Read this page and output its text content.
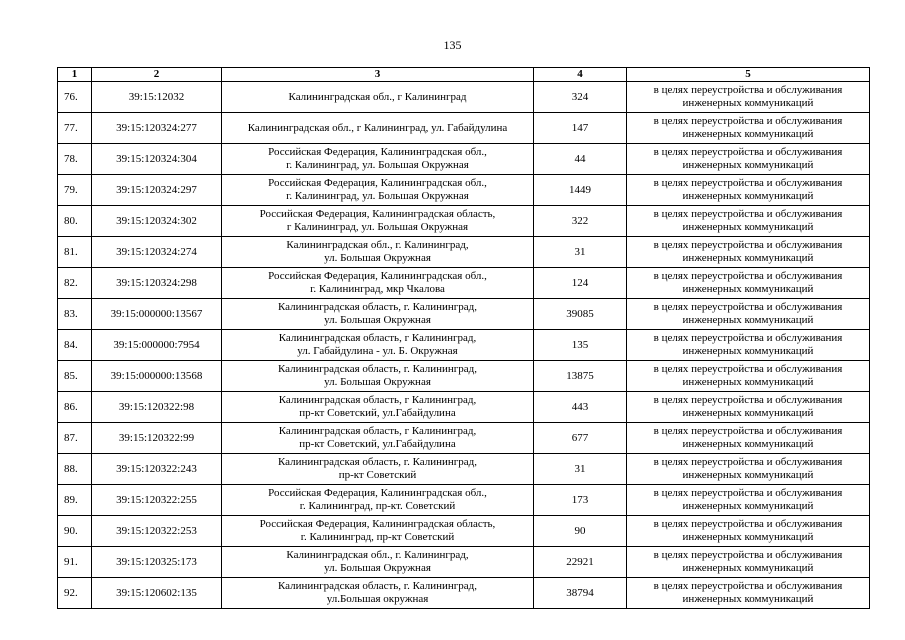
135
1	2	3	4	5

76.	39:15:12032	Калининградская обл., г Калининград	324	в целях переустройства и обслуживания
инженерных коммуникаций

77.	39:15:120324:277	Калининградская обл., г Калининград, ул. Габайдулина	147	в целях переустройства и обслуживания
инженерных коммуникаций

78.	39:15:120324:304	Российская Федерация, Калининградская обл.,
г. Калининград, ул. Большая Окружная	44	в целях переустройства и обслуживания
инженерных коммуникаций

79.	39:15:120324:297	Российская Федерация, Калининградская обл.,
г. Калининград, ул. Большая Окружная	1449	в целях переустройства и обслуживания
инженерных коммуникаций

80.	39:15:120324:302	Российская Федерация, Калининградская область,
г Калининград, ул. Большая Окружная	322	в целях переустройства и обслуживания
инженерных коммуникаций

81.	39:15:120324:274	Калининградская обл., г. Калининград,
ул. Большая Окружная	31	в целях переустройства и обслуживания
инженерных коммуникаций

82.	39:15:120324:298	Российская Федерация, Калининградская обл.,
г. Калининград, мкр Чкалова	124	в целях переустройства и обслуживания
инженерных коммуникаций

83.	39:15:000000:13567	Калининградская область, г. Калининград,
ул. Большая Окружная	39085	в целях переустройства и обслуживания
инженерных коммуникаций

84.	39:15:000000:7954	Калининградская область, г Калининград,
ул. Габайдулина - ул. Б. Окружная	135	в целях переустройства и обслуживания
инженерных коммуникаций

85.	39:15:000000:13568	Калининградская область, г. Калининград,
ул. Большая Окружная	13875	в целях переустройства и обслуживания
инженерных коммуникаций

86.	39:15:120322:98	Калининградская область, г Калининград,
пр-кт Советский, ул.Габайдулина	443	в целях переустройства и обслуживания
инженерных коммуникаций

87.	39:15:120322:99	Калининградская область, г Калининград,
пр-кт Советский, ул.Габайдулина	677	в целях переустройства и обслуживания
инженерных коммуникаций

88.	39:15:120322:243	Калининградская область, г. Калининград,
пр-кт Советский	31	в целях переустройства и обслуживания
инженерных коммуникаций

89.	39:15:120322:255	Российская Федерация, Калининградская обл.,
г. Калининград, пр-кт. Советский	173	в целях переустройства и обслуживания
инженерных коммуникаций

90.	39:15:120322:253	Российская Федерация, Калининградская область,
г. Калининград, пр-кт Советский	90	в целях переустройства и обслуживания
инженерных коммуникаций

91.	39:15:120325:173	Калининградская обл., г. Калининград,
ул. Большая Окружная	22921	в целях переустройства и обслуживания
инженерных коммуникаций

92.	39:15:120602:135	Калининградская область, г. Калининград,
ул.Большая окружная	38794	в целях переустройства и обслуживания
инженерных коммуникаций
